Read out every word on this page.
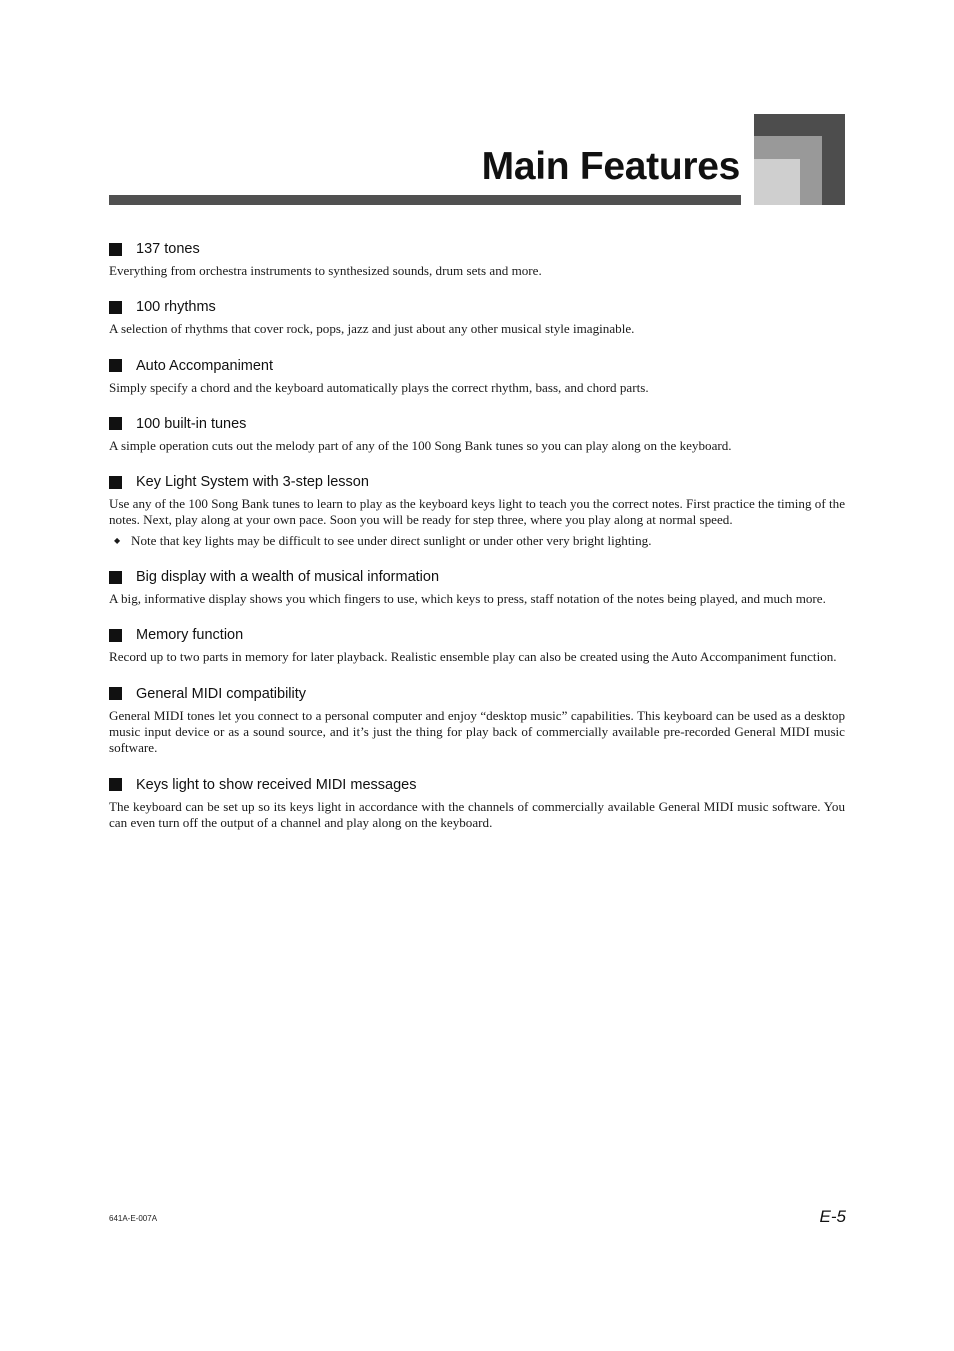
Main Features
137 tones

Everything from orchestra instruments to synthesized sounds, drum sets and more.

100 rhythms

A selection of rhythms that cover rock, pops, jazz and just about any other musical style imaginable.

Auto Accompaniment

Simply specify a chord and the keyboard automatically plays the correct rhythm, bass, and chord parts.

100 built-in tunes

A simple operation cuts out the melody part of any of the 100 Song Bank tunes so you can play along on the keyboard.

Key Light System with 3-step lesson

Use any of the 100 Song Bank tunes to learn to play as the keyboard keys light to teach you the correct notes. First practice the timing of the notes. Next, play along at your own pace. Soon you will be ready for step three, where you play along at normal speed.

◆ Note that key lights may be difficult to see under direct sunlight or under other very bright lighting.
Big display with a wealth of musical information

A big, informative display shows you which fingers to use, which keys to press, staff notation of the notes being played, and much more.

Memory function

Record up to two parts in memory for later playback. Realistic ensemble play can also be created using the Auto Accompaniment function.

General MIDI compatibility

General MIDI tones let you connect to a personal computer and enjoy “desktop music” capabilities. This keyboard can be used as a desktop music input device or as a sound source, and it’s just the thing for play back of commercially available pre-recorded General MIDI music software.

Keys light to show received MIDI messages

The keyboard can be set up so its keys light in accordance with the channels of commercially available General MIDI music software. You can even turn off the output of a channel and play along on the keyboard.

641A-E-007A	E-5
